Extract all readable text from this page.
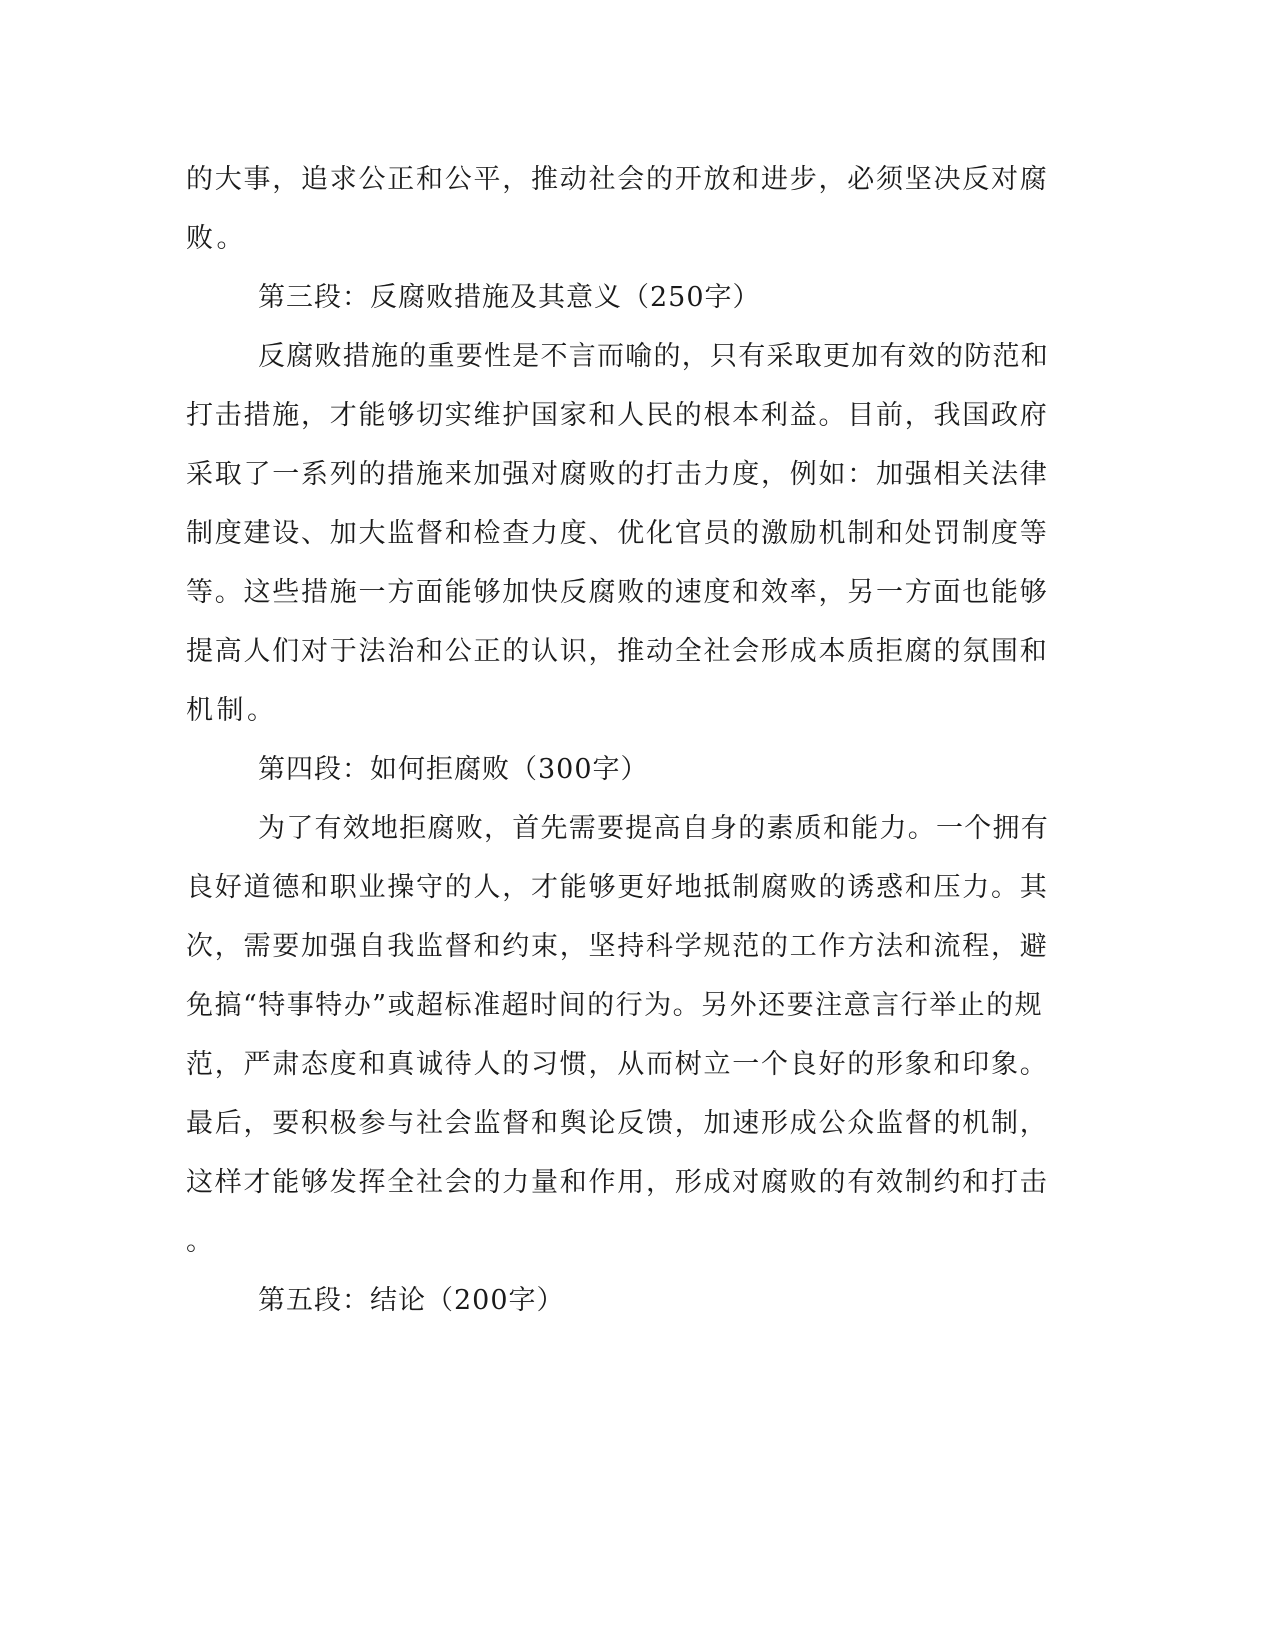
的大事，追求公正和公平，推动社会的开放和进步，必须坚决反对腐
败。
第三段：反腐败措施及其意义（250字）
反腐败措施的重要性是不言而喻的，只有采取更加有效的防范和
打击措施，才能够切实维护国家和人民的根本利益。目前，我国政府
采取了一系列的措施来加强对腐败的打击力度，例如：加强相关法律
制度建设、加大监督和检查力度、优化官员的激励机制和处罚制度等
等。这些措施一方面能够加快反腐败的速度和效率，另一方面也能够
提高人们对于法治和公正的认识，推动全社会形成本质拒腐的氛围和
机制。
第四段：如何拒腐败（300字）
为了有效地拒腐败，首先需要提高自身的素质和能力。一个拥有
良好道德和职业操守的人，才能够更好地抵制腐败的诱惑和压力。其
次，需要加强自我监督和约束，坚持科学规范的工作方法和流程，避
免搞“特事特办”或超标准超时间的行为。另外还要注意言行举止的规
范，严肃态度和真诚待人的习惯，从而树立一个良好的形象和印象。
最后，要积极参与社会监督和舆论反馈，加速形成公众监督的机制，
这样才能够发挥全社会的力量和作用，形成对腐败的有效制约和打击
。
第五段：结论（200字）
